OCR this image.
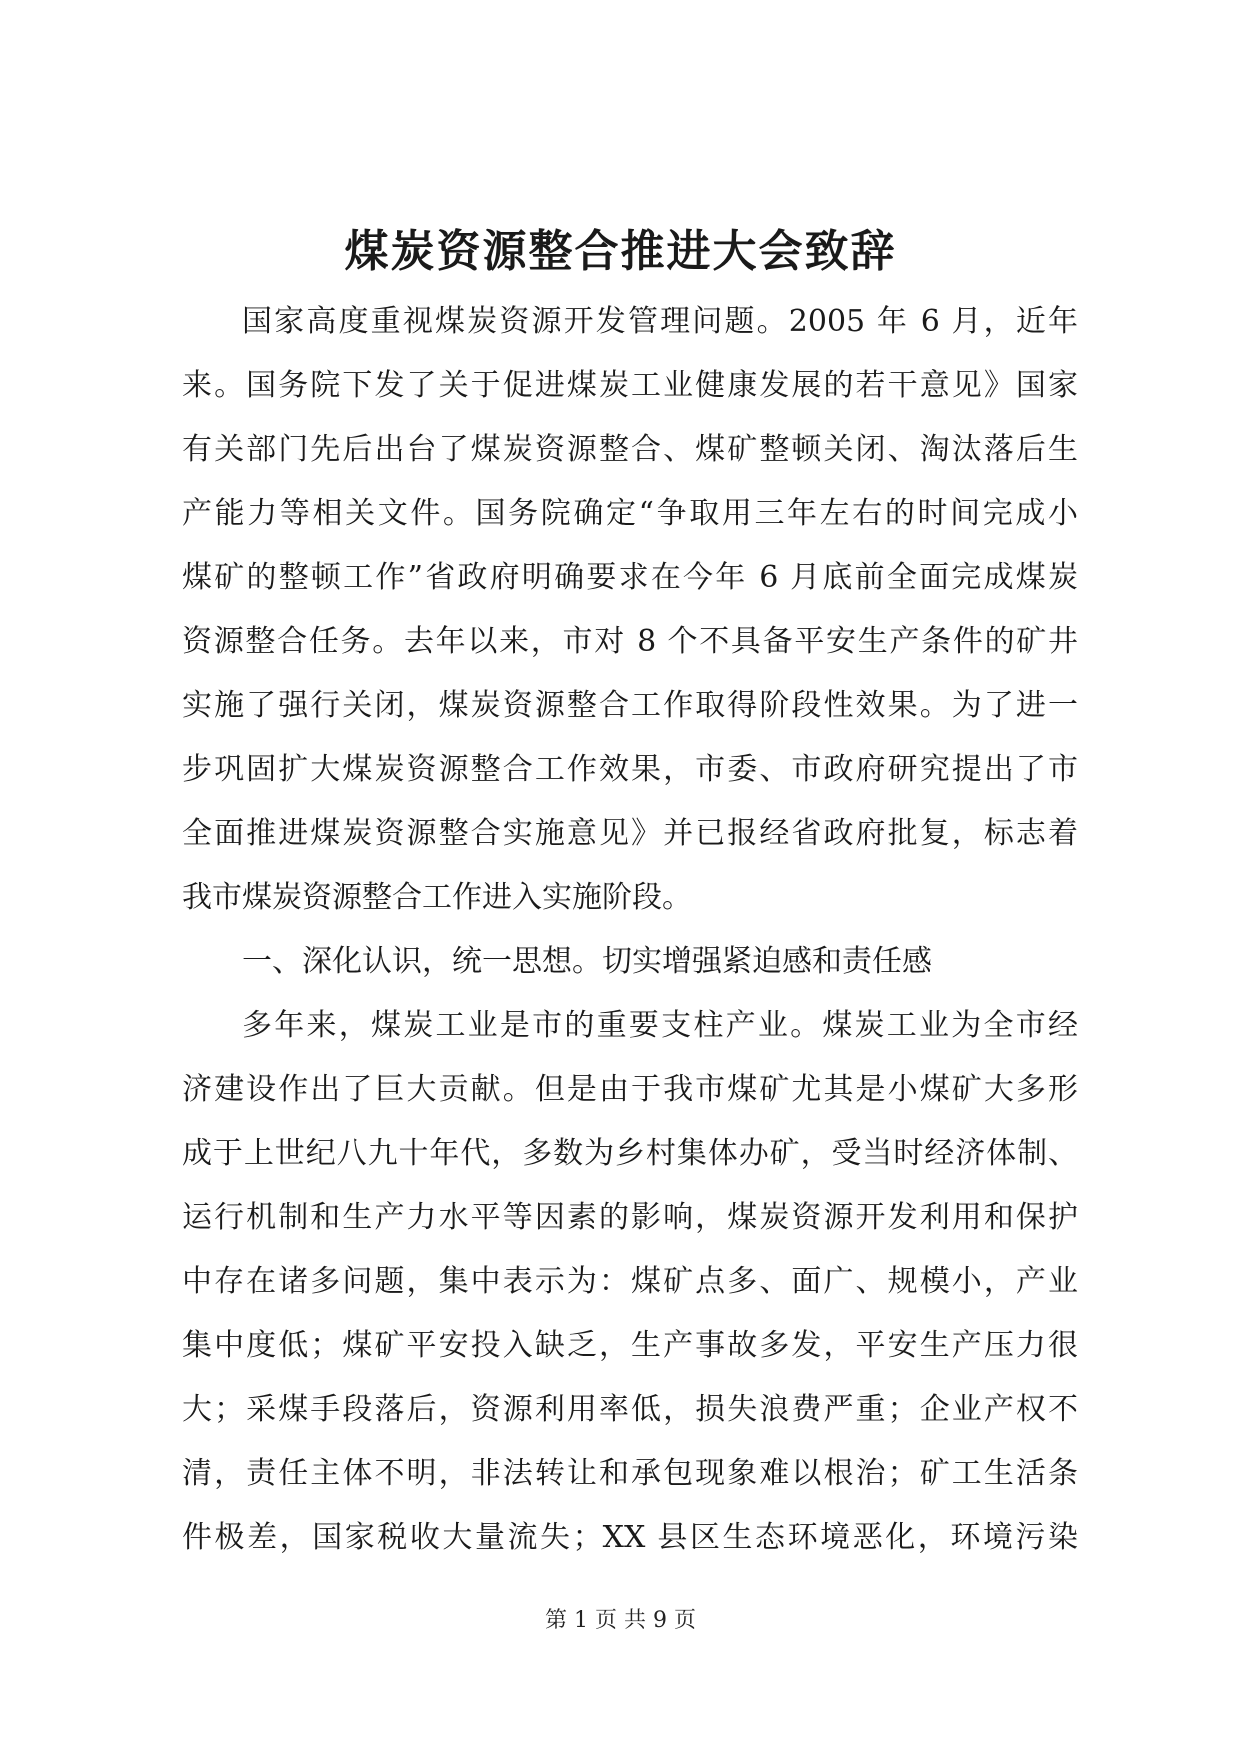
煤炭资源整合推进大会致辞
国家高度重视煤炭资源开发管理问题。2005 年 6 月，近年
来。国务院下发了关于促进煤炭工业健康发展的若干意见》国家
有关部门先后出台了煤炭资源整合、煤矿整顿关闭、淘汰落后生
产能力等相关文件。国务院确定“争取用三年左右的时间完成小
煤矿的整顿工作”省政府明确要求在今年 6 月底前全面完成煤炭
资源整合任务。去年以来，市对 8 个不具备平安生产条件的矿井
实施了强行关闭，煤炭资源整合工作取得阶段性效果。为了进一
步巩固扩大煤炭资源整合工作效果，市委、市政府研究提出了市
全面推进煤炭资源整合实施意见》并已报经省政府批复，标志着
我市煤炭资源整合工作进入实施阶段。
一、深化认识，统一思想。切实增强紧迫感和责任感
多年来，煤炭工业是市的重要支柱产业。煤炭工业为全市经
济建设作出了巨大贡献。但是由于我市煤矿尤其是小煤矿大多形
成于上世纪八九十年代，多数为乡村集体办矿，受当时经济体制、
运行机制和生产力水平等因素的影响，煤炭资源开发利用和保护
中存在诸多问题，集中表示为：煤矿点多、面广、规模小，产业
集中度低；煤矿平安投入缺乏，生产事故多发，平安生产压力很
大；采煤手段落后，资源利用率低，损失浪费严重；企业产权不
清，责任主体不明，非法转让和承包现象难以根治；矿工生活条
件极差，国家税收大量流失；XX 县区生态环境恶化，环境污染
第 1 页 共 9 页
